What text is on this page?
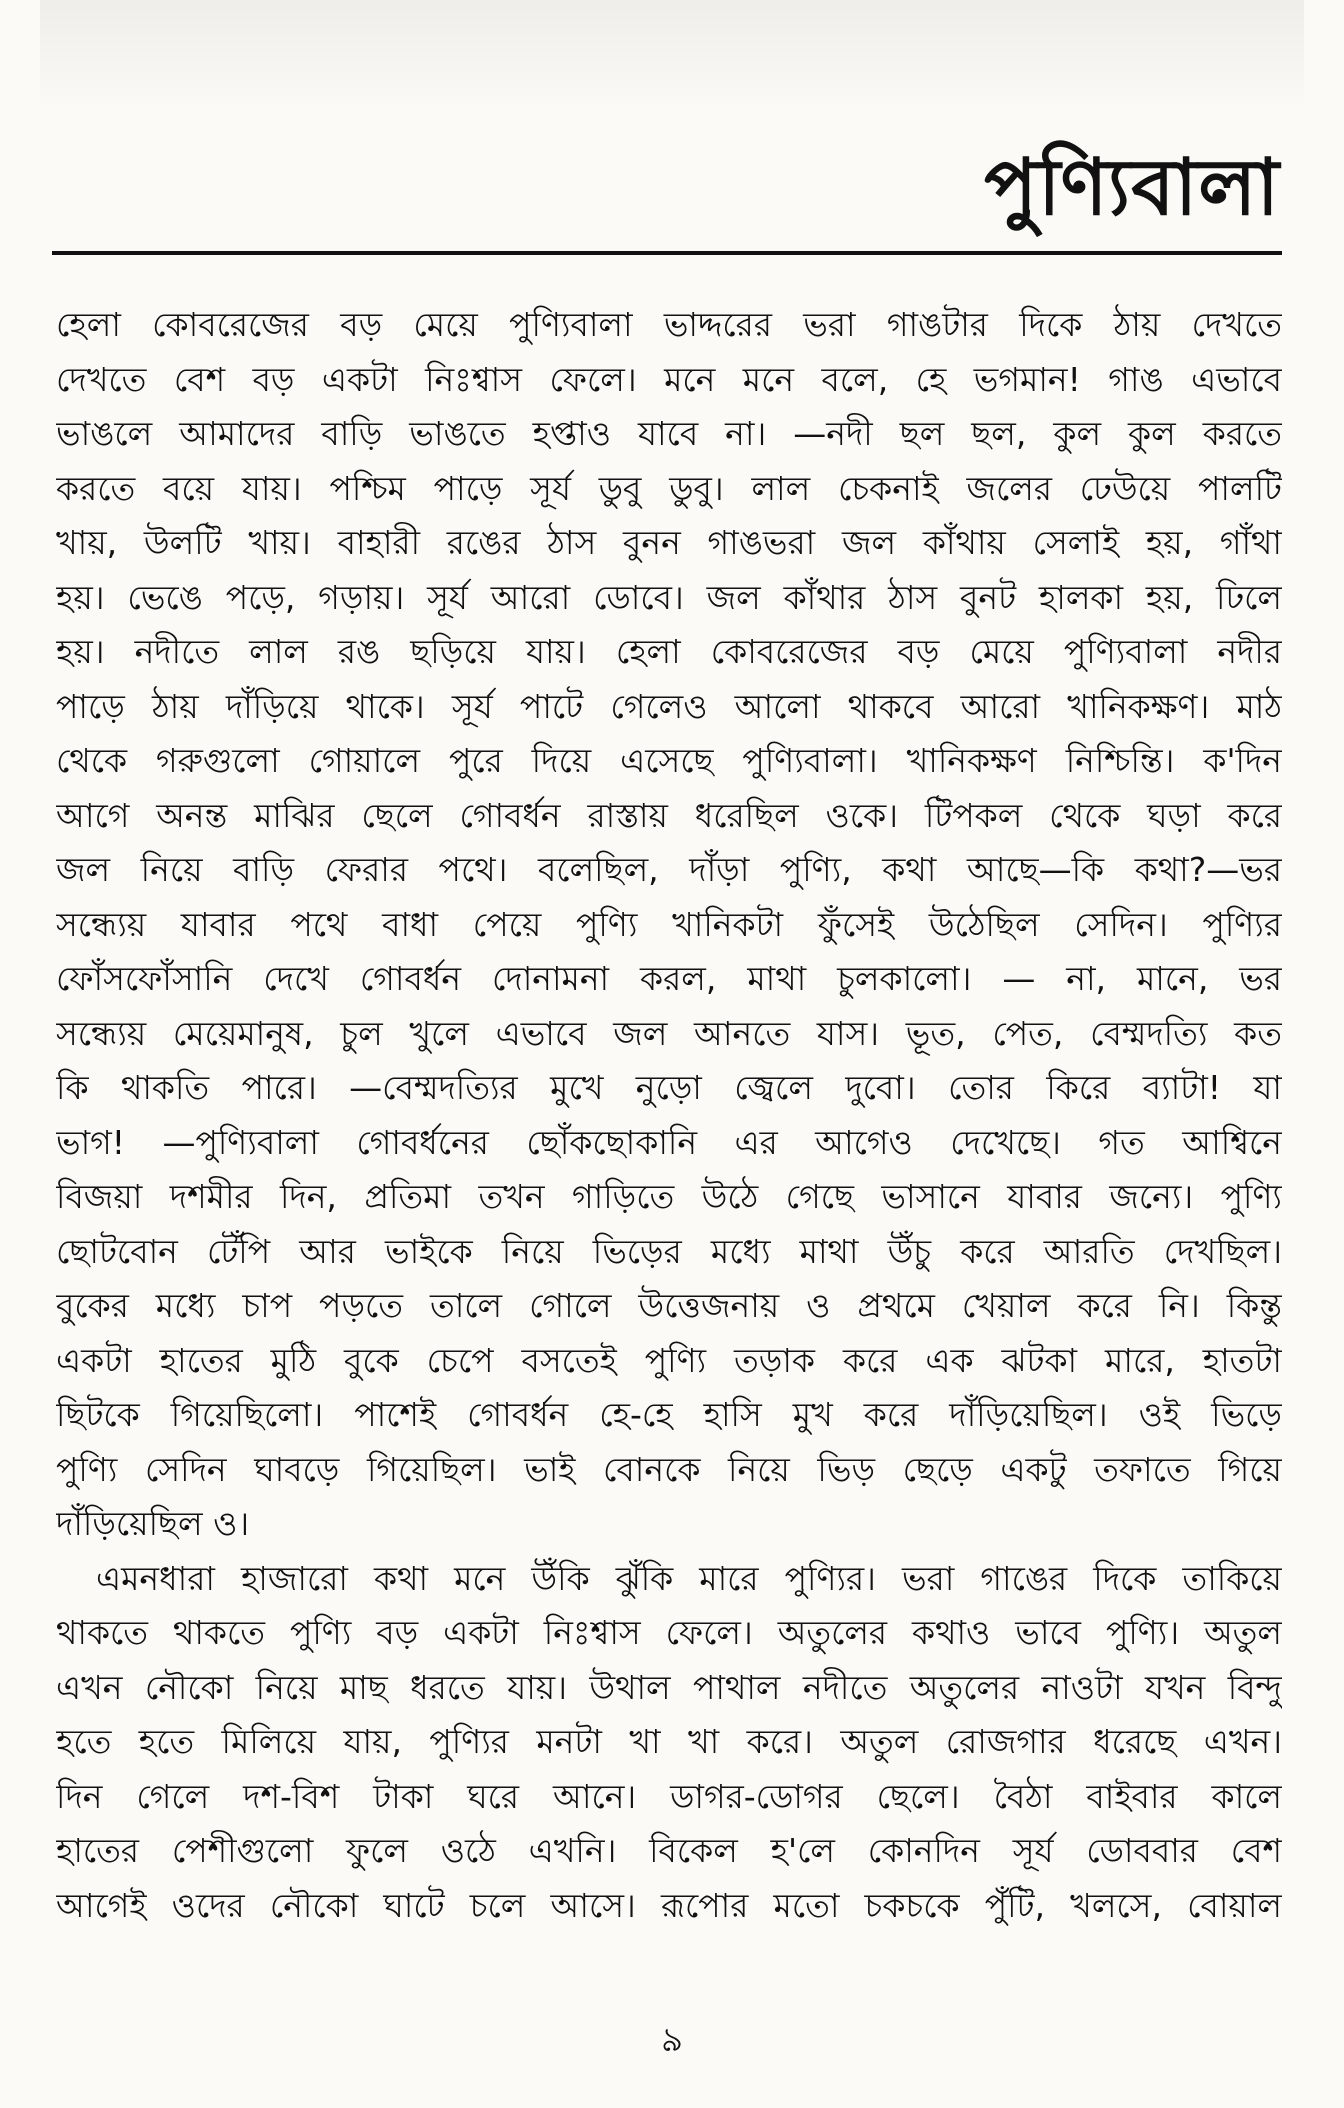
পুণ্যিবালা
হেলা কোবরেজের বড় মেয়ে পুণ্যিবালা ভাদ্দরের ভরা গাঙটার দিকে ঠায় দেখতে
দেখতে বেশ বড় একটা নিঃশ্বাস ফেলে। মনে মনে বলে, হে ভগমান! গাঙ এভাবে
ভাঙলে আমাদের বাড়ি ভাঙতে হপ্তাও যাবে না। —নদী ছল ছল, কুল কুল করতে
করতে বয়ে যায়। পশ্চিম পাড়ে সূর্য ডুবু ডুবু। লাল চেকনাই জলের ঢেউয়ে পালটি
খায়, উলটি খায়। বাহারী রঙের ঠাস বুনন গাঙভরা জল কাঁথায় সেলাই হয়, গাঁথা
হয়। ভেঙে পড়ে, গড়ায়। সূর্য আরো ডোবে। জল কাঁথার ঠাস বুনট হালকা হয়, ঢিলে
হয়। নদীতে লাল রঙ ছড়িয়ে যায়। হেলা কোবরেজের বড় মেয়ে পুণ্যিবালা নদীর
পাড়ে ঠায় দাঁড়িয়ে থাকে। সূর্য পাটে গেলেও আলো থাকবে আরো খানিকক্ষণ। মাঠ
থেকে গরুগুলো গোয়ালে পুরে দিয়ে এসেছে পুণ্যিবালা। খানিকক্ষণ নিশ্চিন্তি। ক'দিন
আগে অনন্ত মাঝির ছেলে গোবর্ধন রাস্তায় ধরেছিল ওকে। টিপকল থেকে ঘড়া করে
জল নিয়ে বাড়ি ফেরার পথে। বলেছিল, দাঁড়া পুণ্যি, কথা আছে—কি কথা?—ভর
সন্ধ্যেয় যাবার পথে বাধা পেয়ে পুণ্যি খানিকটা ফুঁসেই উঠেছিল সেদিন। পুণ্যির
ফোঁসফোঁসানি দেখে গোবর্ধন দোনামনা করল, মাথা চুলকালো। — না, মানে, ভর
সন্ধ্যেয় মেয়েমানুষ, চুল খুলে এভাবে জল আনতে যাস। ভূত, পেত, বেম্মদত্যি কত
কি থাকতি পারে। —বেম্মদত্যির মুখে নুড়ো জ্বেলে দুবো। তোর কিরে ব্যাটা! যা
ভাগ! —পুণ্যিবালা গোবর্ধনের ছোঁকছোকানি এর আগেও দেখেছে। গত আশ্বিনে
বিজয়া দশমীর দিন, প্রতিমা তখন গাড়িতে উঠে গেছে ভাসানে যাবার জন্যে। পুণ্যি
ছোটবোন টেঁপি আর ভাইকে নিয়ে ভিড়ের মধ্যে মাথা উঁচু করে আরতি দেখছিল।
বুকের মধ্যে চাপ পড়তে তালে গোলে উত্তেজনায় ও প্রথমে খেয়াল করে নি। কিন্তু
একটা হাতের মুঠি বুকে চেপে বসতেই পুণ্যি তড়াক করে এক ঝটকা মারে, হাতটা
ছিটকে গিয়েছিলো। পাশেই গোবর্ধন হে-হে হাসি মুখ করে দাঁড়িয়েছিল। ওই ভিড়ে
পুণ্যি সেদিন ঘাবড়ে গিয়েছিল। ভাই বোনকে নিয়ে ভিড় ছেড়ে একটু তফাতে গিয়ে
দাঁড়িয়েছিল ও।
এমনধারা হাজারো কথা মনে উঁকি ঝুঁকি মারে পুণ্যির। ভরা গাঙের দিকে তাকিয়ে
থাকতে থাকতে পুণ্যি বড় একটা নিঃশ্বাস ফেলে। অতুলের কথাও ভাবে পুণ্যি। অতুল
এখন নৌকো নিয়ে মাছ ধরতে যায়। উথাল পাথাল নদীতে অতুলের নাওটা যখন বিন্দু
হতে হতে মিলিয়ে যায়, পুণ্যির মনটা খা খা করে। অতুল রোজগার ধরেছে এখন।
দিন গেলে দশ-বিশ টাকা ঘরে আনে। ডাগর-ডোগর ছেলে। বৈঠা বাইবার কালে
হাতের পেশীগুলো ফুলে ওঠে এখনি। বিকেল হ'লে কোনদিন সূর্য ডোববার বেশ
আগেই ওদের নৌকো ঘাটে চলে আসে। রূপোর মতো চকচকে পুঁটি, খলসে, বোয়াল
৯
